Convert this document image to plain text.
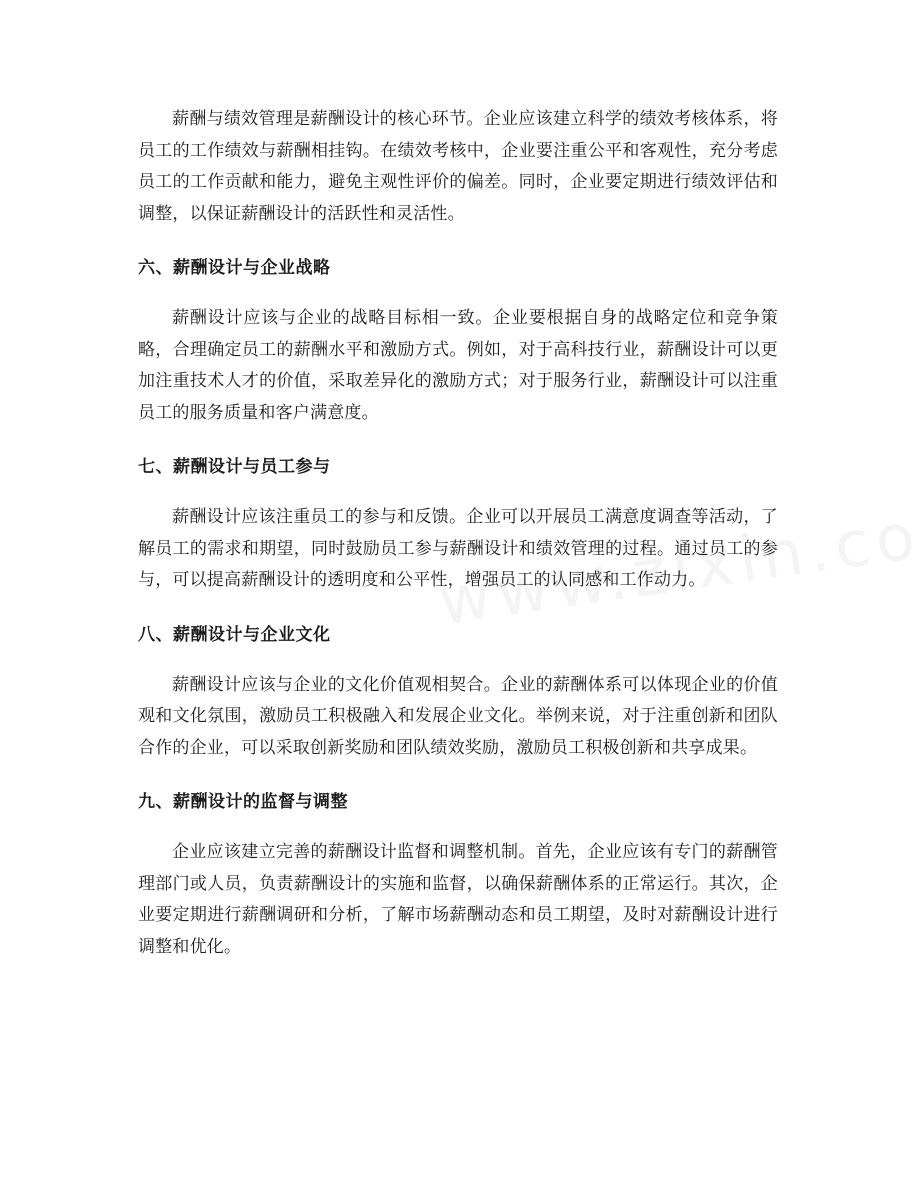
薪酬与绩效管理是薪酬设计的核心环节。企业应该建立科学的绩效考核体系，将员工的工作绩效与薪酬相挂钩。在绩效考核中，企业要注重公平和客观性，充分考虑员工的工作贡献和能力，避免主观性评价的偏差。同时，企业要定期进行绩效评估和调整，以保证薪酬设计的活跃性和灵活性。

六、薪酬设计与企业战略

薪酬设计应该与企业的战略目标相一致。企业要根据自身的战略定位和竞争策略，合理确定员工的薪酬水平和激励方式。例如，对于高科技行业，薪酬设计可以更加注重技术人才的价值，采取差异化的激励方式；对于服务行业，薪酬设计可以注重员工的服务质量和客户满意度。

七、薪酬设计与员工参与

薪酬设计应该注重员工的参与和反馈。企业可以开展员工满意度调查等活动，了解员工的需求和期望，同时鼓励员工参与薪酬设计和绩效管理的过程。通过员工的参与，可以提高薪酬设计的透明度和公平性，增强员工的认同感和工作动力。

八、薪酬设计与企业文化

薪酬设计应该与企业的文化价值观相契合。企业的薪酬体系可以体现企业的价值观和文化氛围，激励员工积极融入和发展企业文化。举例来说，对于注重创新和团队合作的企业，可以采取创新奖励和团队绩效奖励，激励员工积极创新和共享成果。

九、薪酬设计的监督与调整

企业应该建立完善的薪酬设计监督和调整机制。首先，企业应该有专门的薪酬管理部门或人员，负责薪酬设计的实施和监督，以确保薪酬体系的正常运行。其次，企业要定期进行薪酬调研和分析，了解市场薪酬动态和员工期望，及时对薪酬设计进行调整和优化。
